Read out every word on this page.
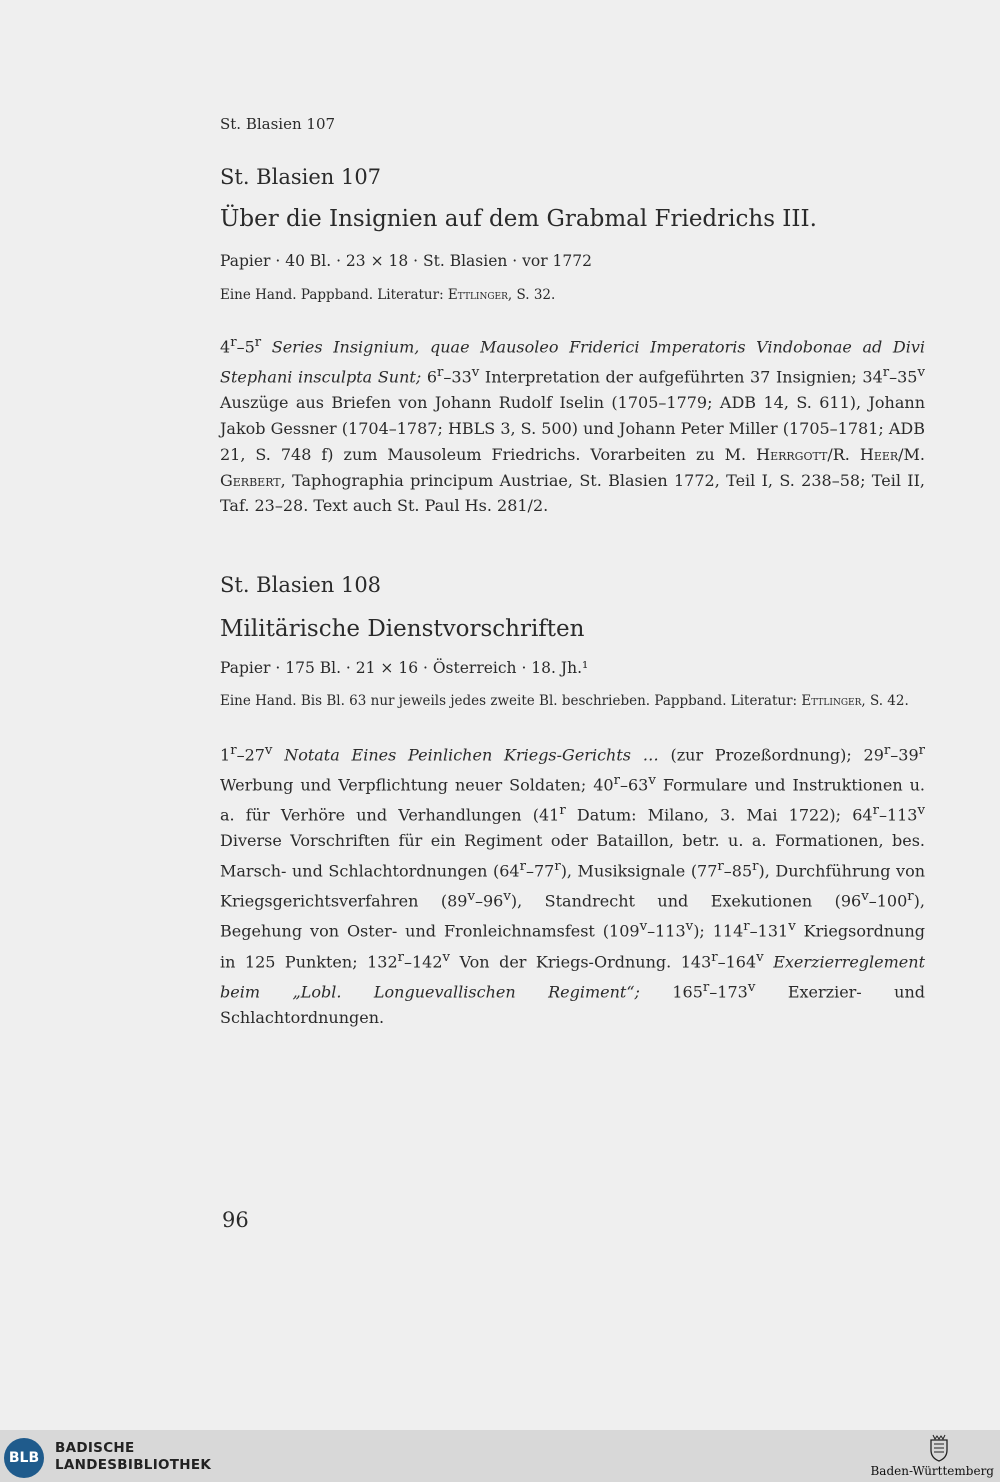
St. Blasien 107
St. Blasien 107
Über die Insignien auf dem Grabmal Friedrichs III.
Papier · 40 Bl. · 23 × 18 · St. Blasien · vor 1772
Eine Hand. Pappband. Literatur: Ettlinger, S. 32.
4$^r$–5$^r$ Series Insignium, quae Mausoleo Friderici Imperatoris Vindobonae ad Divi Stephani insculpta Sunt; 6$^r$–33$^v$ Interpretation der aufgeführten 37 Insignien; 34$^r$–35$^v$ Auszüge aus Briefen von Johann Rudolf Iselin (1705–1779; ADB 14, S. 611), Johann Jakob Gessner (1704–1787; HBLS 3, S. 500) und Johann Peter Miller (1705–1781; ADB 21, S. 748 f) zum Mausoleum Friedrichs. Vorarbeiten zu M. Herrgott/R. Heer/M. Gerbert, Taphographia principum Austriae, St. Blasien 1772, Teil I, S. 238–58; Teil II, Taf. 23–28. Text auch St. Paul Hs. 281/2.
St. Blasien 108
Militärische Dienstvorschriften
Papier · 175 Bl. · 21 × 16 · Österreich · 18. Jh.¹
Eine Hand. Bis Bl. 63 nur jeweils jedes zweite Bl. beschrieben. Pappband. Literatur: Ettlinger, S. 42.
1$^r$–27$^v$ Notata Eines Peinlichen Kriegs-Gerichts … (zur Prozeßordnung); 29$^r$–39$^r$ Werbung und Verpflichtung neuer Soldaten; 40$^r$–63$^v$ Formulare und Instruktionen u. a. für Verhöre und Verhandlungen (41$^r$ Datum: Milano, 3. Mai 1722); 64$^r$–113$^v$ Diverse Vorschriften für ein Regiment oder Bataillon, betr. u. a. Formationen, bes. Marsch- und Schlachtordnungen (64$^r$–77$^r$), Musiksignale (77$^r$–85$^r$), Durchführung von Kriegsgerichtsverfahren (89$^v$–96$^v$), Standrecht und Exekutionen (96$^v$–100$^r$), Begehung von Oster- und Fronleichnamsfest (109$^v$–113$^v$); 114$^r$–131$^v$ Kriegsordnung in 125 Punkten; 132$^r$–142$^v$ Von der Kriegs-Ordnung. 143$^r$–164$^v$ Exerzierreglement beim „Lobl. Longuevallischen Regiment“; 165$^r$–173$^v$ Exerzier- und Schlachtordnungen.
96
BLB
BADISCHE
LANDESBIBLIOTHEK	Baden-Württemberg
